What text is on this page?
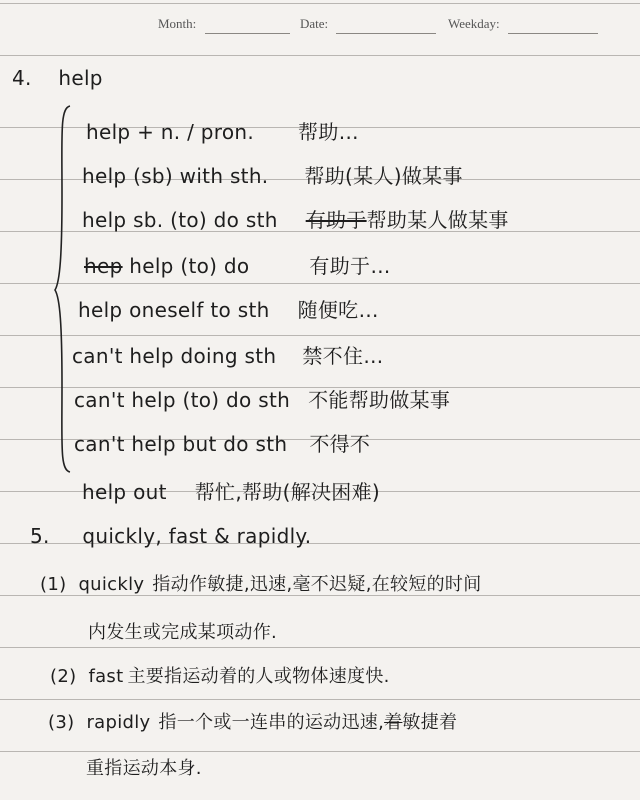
Month:	Date:	Weekday:
4. help
help + n. / pron. 帮助…
help (sb) with sth. 帮助(某人)做某事
help sb. (to) do sth 有助于帮助某人做某事
hep help (to) do	有助于…
help oneself to sth 随便吃…
can't help doing sth 禁不住…
can't help (to) do sth 不能帮助做某事
can't help but do sth 不得不
help out 帮忙,帮助(解决困难)
5. quickly, fast & rapidly.
(1) quickly 指动作敏捷,迅速,毫不迟疑,在较短的时间
内发生或完成某项动作.
(2) fast 主要指运动着的人或物体速度快.
(3) rapidly 指一个或一连串的运动迅速,着敏捷着
重指运动本身.
